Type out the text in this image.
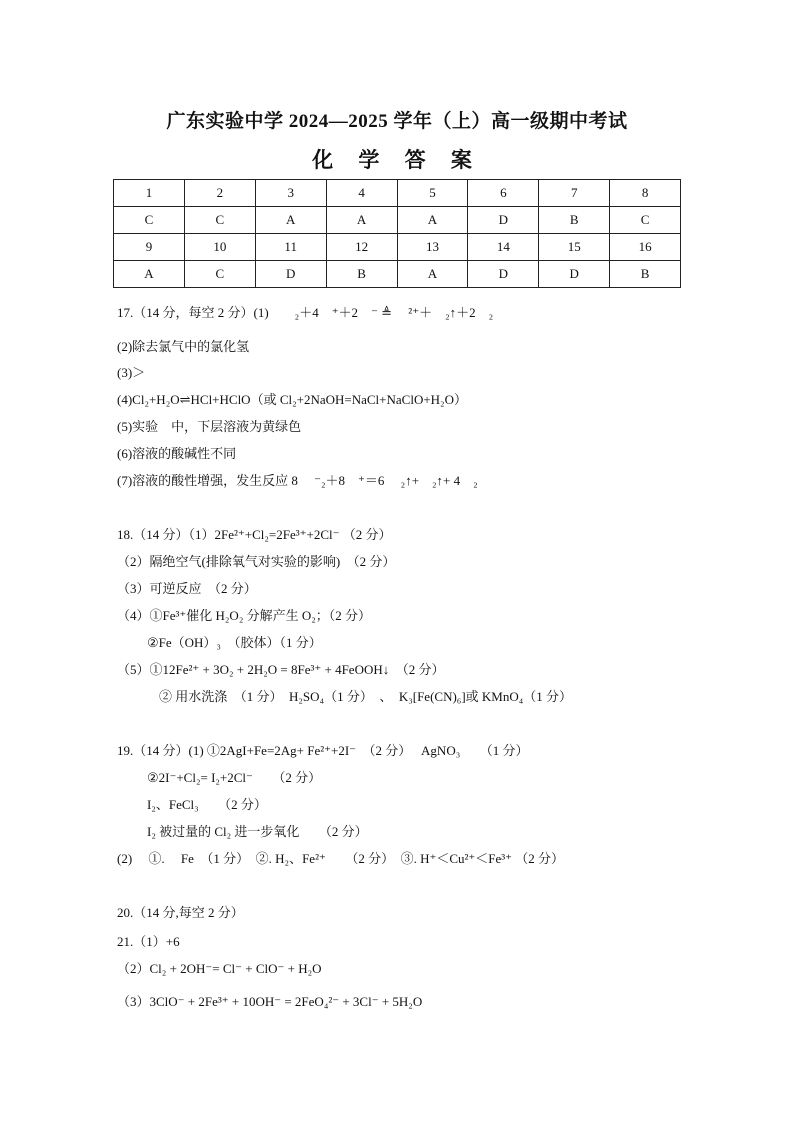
广东实验中学 2024—2025 学年（上）高一级期中考试
化 学 答 案
1	2	3	4	5	6	7	8
C	C	A	A	A	D	B	C
9	10	11	12	13	14	15	16
A	C	D	B	A	D	D	B
17.（14 分，每空 2 分）(1)　　₂＋4　⁺＋2　⁻ ≜　 ²⁺＋　₂↑＋2　₂
(2)除去氯气中的氯化氢
(3)＞
(4)Cl₂+H₂O⇌HCl+HClO（或 Cl₂+2NaOH=NaCl+NaClO+H₂O）
(5)实验　中，下层溶液为黄绿色
(6)溶液的酸碱性不同
(7)溶液的酸性增强，发生反应 8　 ⁻₂＋8　⁺＝6　 ₂↑+　₂↑+ 4　₂
18.（14 分）（1）2Fe²⁺+Cl₂=2Fe³⁺+2Cl⁻ （2 分）
（2）隔绝空气(排除氧气对实验的影响)　（2 分）
（3）可逆反应　（2 分）
（4）①Fe³⁺催化 H₂O₂ 分解产生 O₂；（2 分）
②Fe（OH）₃　（胶体）（1 分）
（5）①12Fe²⁺ + 3O₂ + 2H₂O = 8Fe³⁺ + 4FeOOH↓　（2 分）
② 用水洗涤　（1 分）　H₂SO₄（1 分）　、　K₃[Fe(CN)₆]或 KMnO₄（1 分）
19.（14 分）(1) ①2AgI+Fe=2Ag+ Fe²⁺+2I⁻　（2 分）　 AgNO₃　　（1 分）
②2I⁻+Cl₂= I₂+2Cl⁻　　（2 分）
I₂、FeCl₃　　（2 分）
I₂ 被过量的 Cl₂ 进一步氧化　　（2 分）
(2)　 ①.　 Fe　（1 分）　②. H₂、Fe²⁺　　（2 分）　③. H⁺＜Cu²⁺＜Fe³⁺ （2 分）
20.（14 分,每空 2 分）
21.（1）+6
（2）Cl₂ + 2OH⁻= Cl⁻ + ClO⁻ + H₂O
（3）3ClO⁻ + 2Fe³⁺ + 10OH⁻ = 2FeO₄²⁻ + 3Cl⁻ + 5H₂O
